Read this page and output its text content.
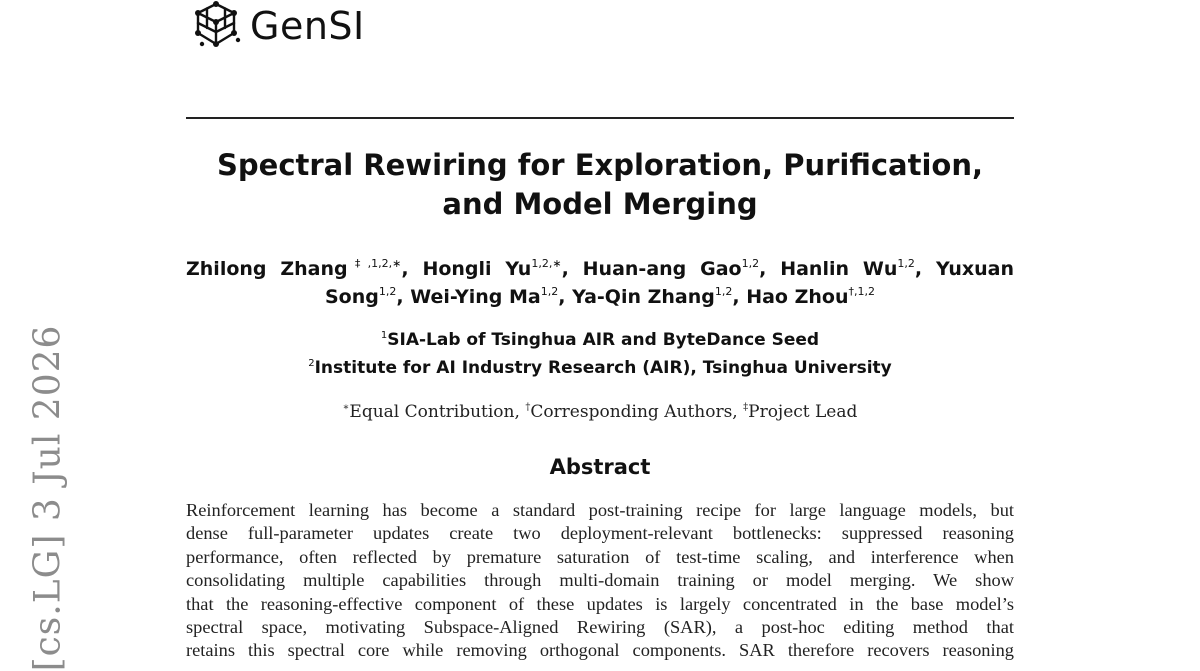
[cs.LG] 3 Jul 2026
GenSI
Spectral Rewiring for Exploration, Purification,
and Model Merging
Zhilong Zhang$^{\ddagger,1,2,∗}$, Hongli $Yu^{1,2,∗}$, Huan-ang Gao$^{1,2}$, Hanlin Wu$^{1,2}$, Yuxuan Song$^{1,2}$, Wei-Ying Ma$^{1,2}$, Ya-Qin Zhang$^{1,2}$, Hao Zhou$^{\dagger,1,2}$
$^1$SIA-Lab of Tsinghua AIR and ByteDance Seed
$^2$Institute for AI Industry Research (AIR), Tsinghua University
∗Equal Contribution, †Corresponding Authors, ‡Project Lead
Abstract
Reinforcement learning has become a standard post-training recipe for large language models, but
dense full-parameter updates create two deployment-relevant bottlenecks: suppressed reasoning
performance, often reflected by premature saturation of test-time scaling, and interference when
consolidating multiple capabilities through multi-domain training or model merging. We show
that the reasoning-effective component of these updates is largely concentrated in the base model’s
spectral space, motivating Subspace-Aligned Rewiring (SAR), a post-hoc editing method that
retains this spectral core while removing orthogonal components. SAR therefore recovers reasoning
